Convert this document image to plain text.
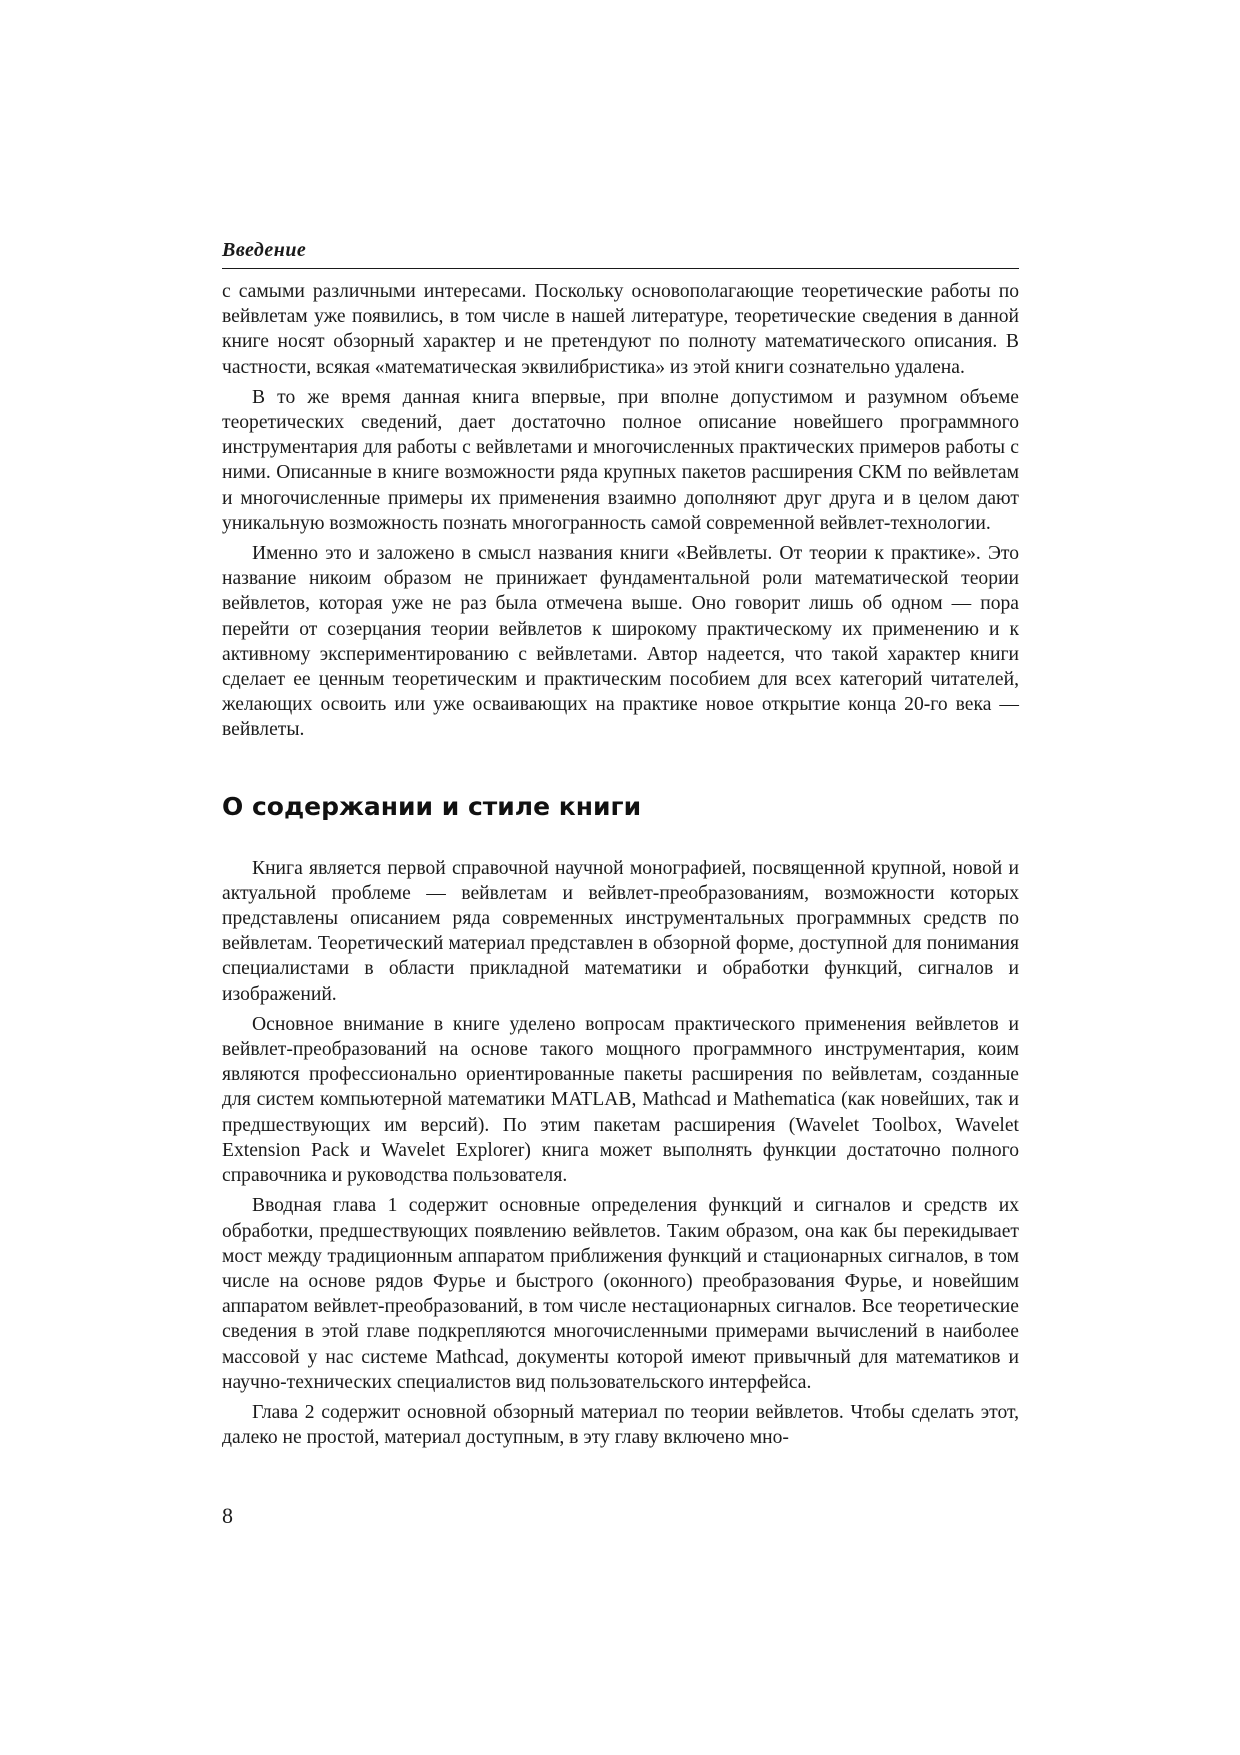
Введение

с самыми различными интересами. Поскольку основополагающие теоретические работы по вейвлетам уже появились, в том числе в нашей литературе, теоретические сведения в данной книге носят обзорный характер и не претендуют по полноту математического описания. В частности, всякая «математическая эквилибристика» из этой книги сознательно удалена.

В то же время данная книга впервые, при вполне допустимом и разумном объеме теоретических сведений, дает достаточно полное описание новейшего программного инструментария для работы с вейвлетами и многочисленных практических примеров работы с ними. Описанные в книге возможности ряда крупных пакетов расширения СКМ по вейвлетам и многочисленные примеры их применения взаимно дополняют друг друга и в целом дают уникальную возможность познать многогранность самой современной вейвлет-технологии.

Именно это и заложено в смысл названия книги «Вейвлеты. От теории к практике». Это название никоим образом не принижает фундаментальной роли математической теории вейвлетов, которая уже не раз была отмечена выше. Оно говорит лишь об одном — пора перейти от созерцания теории вейвлетов к широкому практическому их применению и к активному экспериментированию с вейвлетами. Автор надеется, что такой характер книги сделает ее ценным теоретическим и практическим пособием для всех категорий читателей, желающих освоить или уже осваивающих на практике новое открытие конца 20-го века — вейвлеты.

О содержании и стиле книги

Книга является первой справочной научной монографией, посвященной крупной, новой и актуальной проблеме — вейвлетам и вейвлет-преобразованиям, возможности которых представлены описанием ряда современных инструментальных программных средств по вейвлетам. Теоретический материал представлен в обзорной форме, доступной для понимания специалистами в области прикладной математики и обработки функций, сигналов и изображений.

Основное внимание в книге уделено вопросам практического применения вейвлетов и вейвлет-преобразований на основе такого мощного программного инструментария, коим являются профессионально ориентированные пакеты расширения по вейвлетам, созданные для систем компьютерной математики MATLAB, Mathcad и Mathematica (как новейших, так и предшествующих им версий). По этим пакетам расширения (Wavelet Toolbox, Wavelet Extension Pack и Wavelet Explorer) книга может выполнять функции достаточно полного справочника и руководства пользователя.

Вводная глава 1 содержит основные определения функций и сигналов и средств их обработки, предшествующих появлению вейвлетов. Таким образом, она как бы перекидывает мост между традиционным аппаратом приближения функций и стационарных сигналов, в том числе на основе рядов Фурье и быстрого (оконного) преобразования Фурье, и новейшим аппаратом вейвлет-преобразований, в том числе нестационарных сигналов. Все теоретические сведения в этой главе подкрепляются многочисленными примерами вычислений в наиболее массовой у нас системе Mathcad, документы которой имеют привычный для математиков и научно-технических специалистов вид пользовательского интерфейса.

Глава 2 содержит основной обзорный материал по теории вейвлетов. Чтобы сделать этот, далеко не простой, материал доступным, в эту главу включено мно-

8
